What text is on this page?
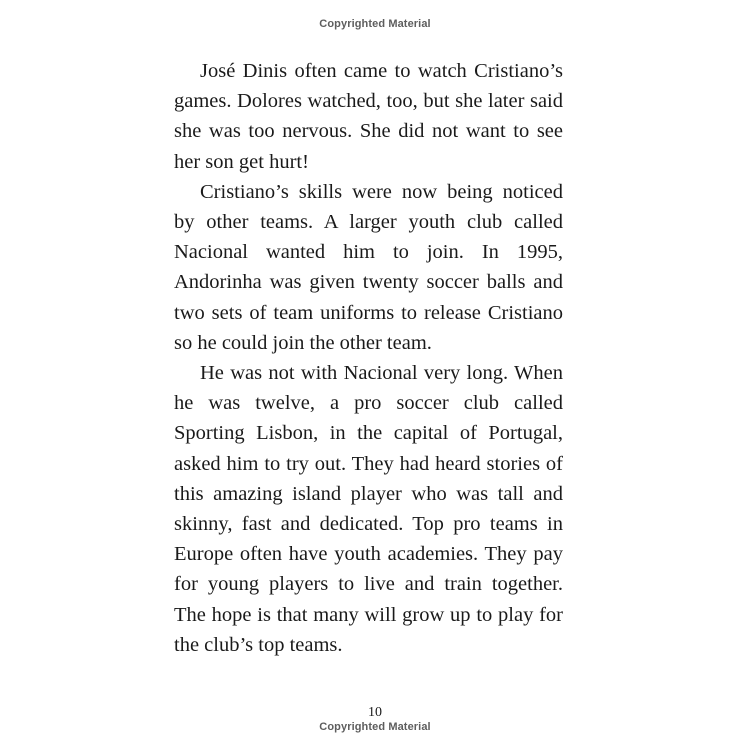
Copyrighted Material

José Dinis often came to watch Cristiano’s games. Dolores watched, too, but she later said she was too nervous. She did not want to see her son get hurt!

Cristiano’s skills were now being noticed by other teams. A larger youth club called Nacional wanted him to join. In 1995, Andorinha was given twenty soccer balls and two sets of team uniforms to release Cristiano so he could join the other team.

He was not with Nacional very long. When he was twelve, a pro soccer club called Sporting Lisbon, in the capital of Portugal, asked him to try out. They had heard stories of this amazing island player who was tall and skinny, fast and dedicated. Top pro teams in Europe often have youth academies. They pay for young players to live and train together. The hope is that many will grow up to play for the club’s top teams.

10
Copyrighted Material
